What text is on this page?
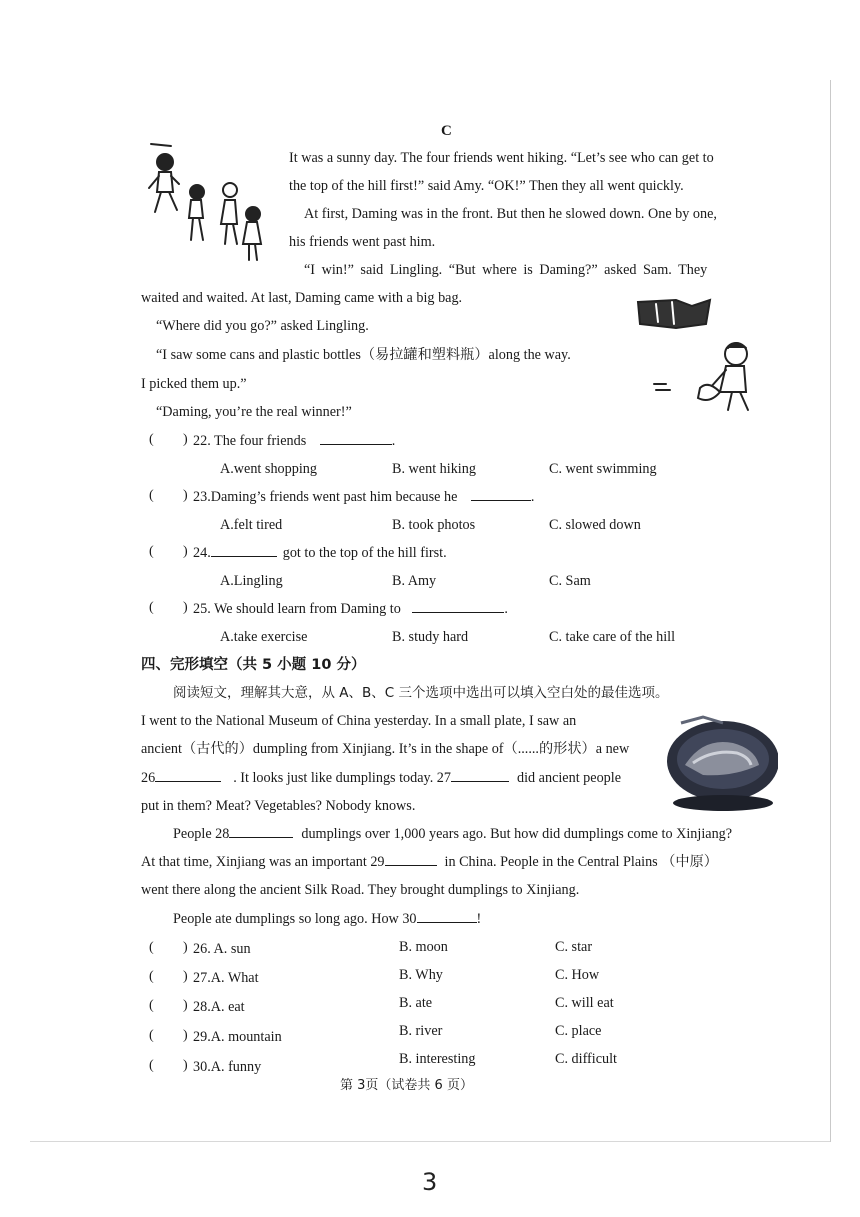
C
It was a sunny day. The four friends went hiking. “Let’s see who can get to
the top of the hill first!” said Amy. “OK!” Then they all went quickly.
At first, Daming was in the front. But then he slowed down. One by one,
his friends went past him.
“I win!” said Lingling. “But where is Daming?” asked Sam. They
waited and waited. At last, Daming came with a big bag.
“Where did you go?” asked Lingling.
“I saw some cans and plastic bottles（易拉罐和塑料瓶）along the way.
I picked them up.”
“Daming, you’re the real winner!”
( ) 22. The four friends	.
A.went shopping	B. went hiking	C. went swimming
( ) 23.Daming’s friends went past him because he	.
A.felt tired	B. took photos	C. slowed down
( ) 24.	got to the top of the hill first.
A.Lingling	B. Amy	C. Sam
( ) 25. We should learn from Daming to	.
A.take exercise	B. study hard	C. take care of the hill
四、完形填空（共 5 小题 10 分）
阅读短文，理解其大意，从 A、B、C 三个选项中选出可以填入空白处的最佳选项。
I went to the National Museum of China yesterday. In a small plate, I saw an
ancient（古代的）dumpling from Xinjiang. It’s in the shape of（......的形状）a new
26	. It looks just like dumplings today. 27	did ancient people
put in them? Meat? Vegetables? Nobody knows.
People 28	dumplings over 1,000 years ago. But how did dumplings come to Xinjiang?
At that time, Xinjiang was an important 29	in China. People in the Central Plains （中原）
went there along the ancient Silk Road. They brought dumplings to Xinjiang.
People ate dumplings so long ago. How 30	!
( ) 26. A. sun	B. moon	C. star
( ) 27.A. What	B. Why	C. How
( ) 28.A. eat	B. ate	C. will eat
( ) 29.A. mountain	B. river	C. place
( ) 30.A. funny	B. interesting	C. difficult
第 3页（试卷共 6 页）
3
